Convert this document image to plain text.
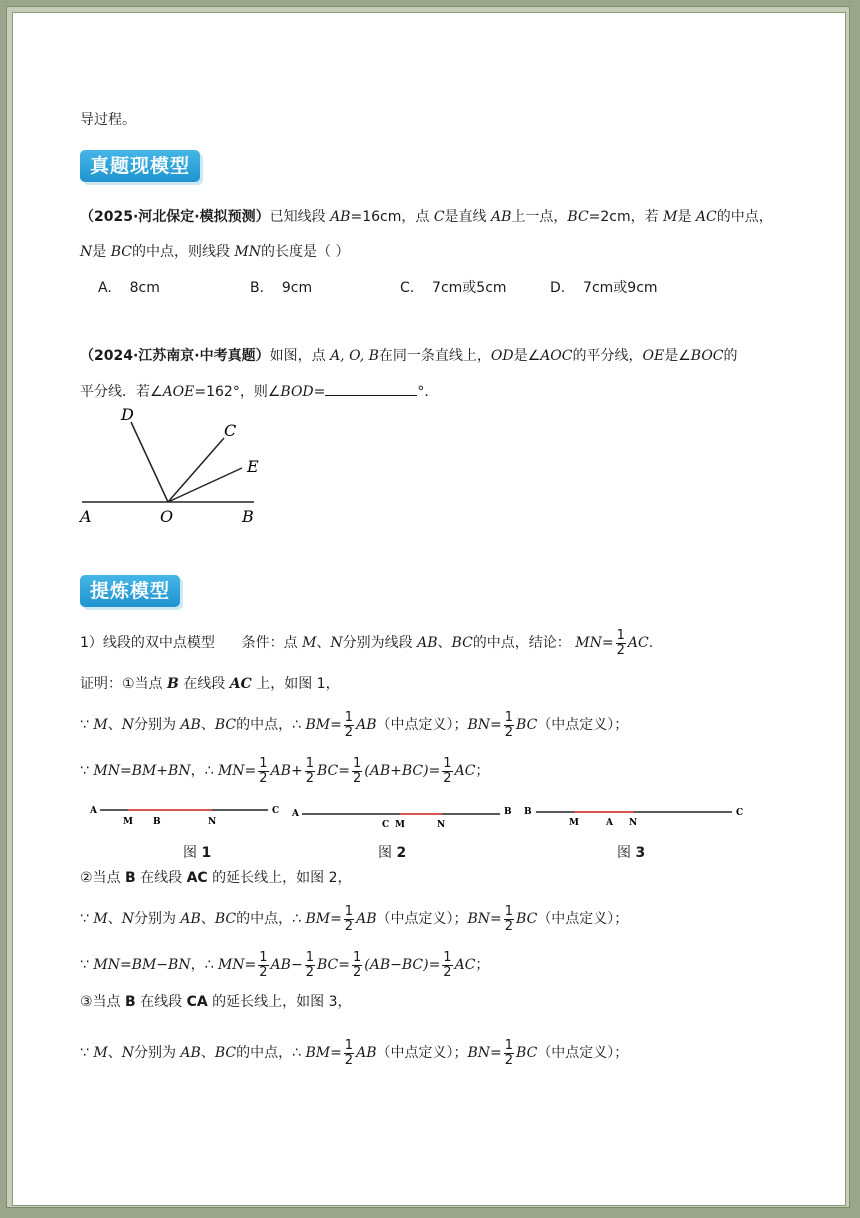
导过程。
真题现模型
（2025·河北保定·模拟预测）已知线段 AB=16cm，点 C是直线 AB上一点，BC=2cm，若 M是 AC的中点，
N是 BC的中点，则线段 MN的长度是（ ）
A. 8cm	B. 9cm	C. 7cm或5cm	D. 7cm或9cm
（2024·江苏南京·中考真题）如图，点 A, O, B在同一条直线上，OD是∠AOC的平分线，OE是∠BOC的
平分线．若∠AOE=162°，则∠BOD=	°．
D
C
E
A	O	B
提炼模型
1）线段的双中点模型 条件：点 M、N分别为线段 AB、BC的中点，结论： $MN= \frac{1}{2}$ AC.
证明：①当点 B 在线段 AC 上，如图 1，
∵ M、N分别为 AB、BC的中点，∴ $BM= \frac{1}{2} AB$（中点定义）；$BN= \frac{1}{2} BC$（中点定义）；
∵ MN=BM+BN，∴ $MN= \frac{1}{2} AB+ \frac{1}{2} BC= \frac{1}{2} (AB+BC)= \frac{1}{2}$ AC；
A	C
M B	N
A	B
C M	N
B	C
M	A N
图 1	图 2	图 3
②当点 B 在线段 AC 的延长线上，如图 2，
∵ M、N分别为 AB、BC的中点，∴ $BM= \frac{1}{2} AB$（中点定义）；$BN= \frac{1}{2} BC$（中点定义）；
∵ MN=BM−BN，∴ $MN= \frac{1}{2} AB- \frac{1}{2} BC= \frac{1}{2} (AB-BC)= \frac{1}{2}$ AC；
③当点 B 在线段 CA 的延长线上，如图 3，
∵ M、N分别为 AB、BC的中点，∴ $BM= \frac{1}{2} AB$（中点定义）；$BN= \frac{1}{2} BC$（中点定义）；
